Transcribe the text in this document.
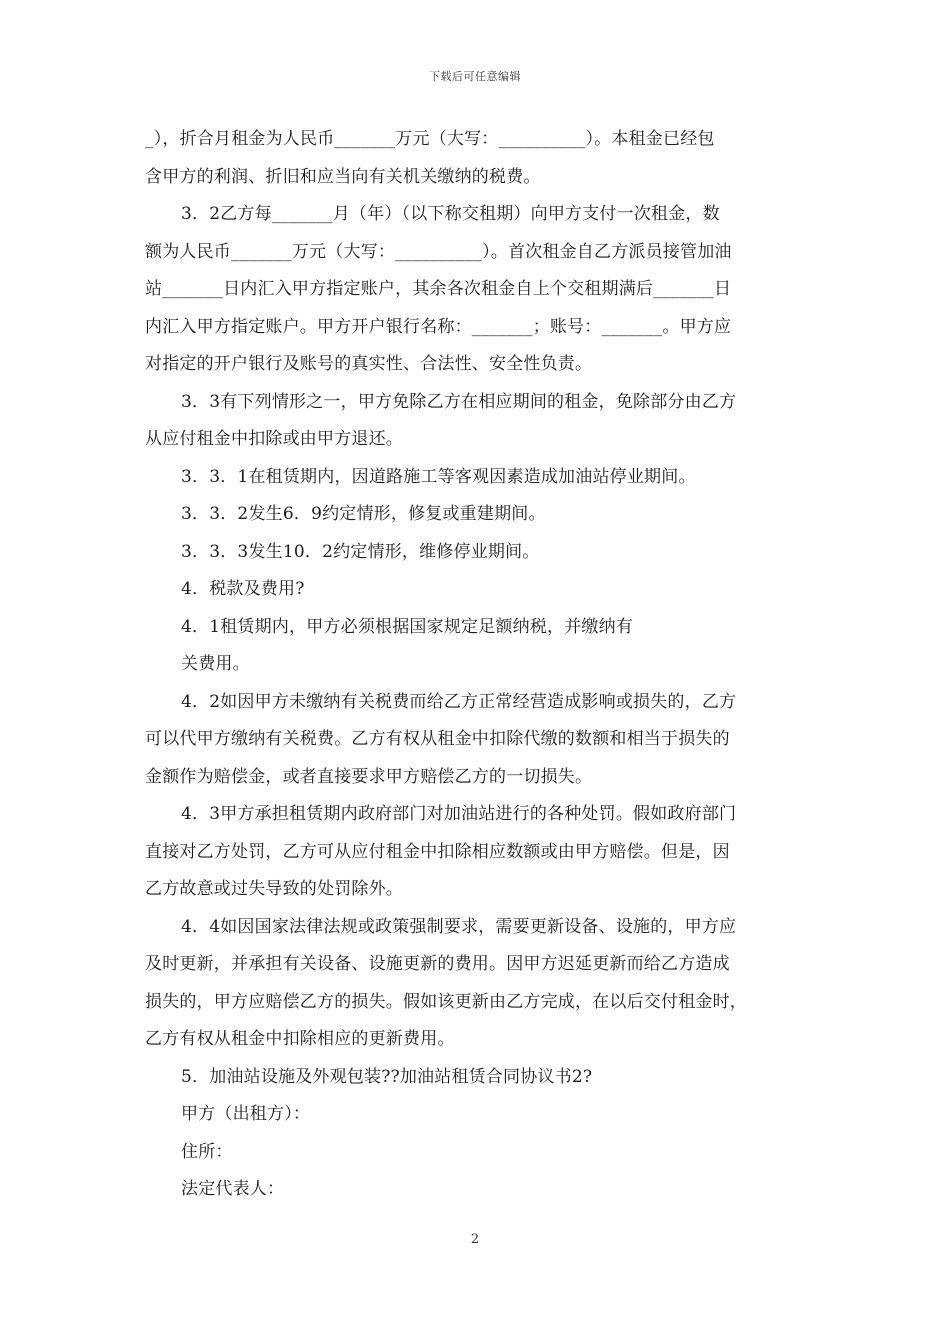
下载后可任意编辑

_），折合月租金为人民币_______万元（大写：__________）。本租金已经包

含甲方的利润、折旧和应当向有关机关缴纳的税费。

3．2乙方每_______月（年）（以下称交租期）向甲方支付一次租金，数

额为人民币_______万元（大写：__________）。首次租金自乙方派员接管加油

站_______日内汇入甲方指定账户，其余各次租金自上个交租期满后_______日

内汇入甲方指定账户。甲方开户银行名称：_______；账号：_______。甲方应

对指定的开户银行及账号的真实性、合法性、安全性负责。

3．3有下列情形之一，甲方免除乙方在相应期间的租金，免除部分由乙方

从应付租金中扣除或由甲方退还。

3．3．1在租赁期内，因道路施工等客观因素造成加油站停业期间。

3．3．2发生6．9约定情形，修复或重建期间。

3．3．3发生10．2约定情形，维修停业期间。

4．税款及费用?

4．1租赁期内，甲方必须根据国家规定足额纳税，并缴纳有

关费用。

4．2如因甲方未缴纳有关税费而给乙方正常经营造成影响或损失的，乙方

可以代甲方缴纳有关税费。乙方有权从租金中扣除代缴的数额和相当于损失的

金额作为赔偿金，或者直接要求甲方赔偿乙方的一切损失。

4．3甲方承担租赁期内政府部门对加油站进行的各种处罚。假如政府部门

直接对乙方处罚，乙方可从应付租金中扣除相应数额或由甲方赔偿。但是，因

乙方故意或过失导致的处罚除外。

4．4如因国家法律法规或政策强制要求，需要更新设备、设施的，甲方应

及时更新，并承担有关设备、设施更新的费用。因甲方迟延更新而给乙方造成

损失的，甲方应赔偿乙方的损失。假如该更新由乙方完成，在以后交付租金时，

乙方有权从租金中扣除相应的更新费用。

5．加油站设施及外观包装??加油站租赁合同协议书2?

甲方（出租方）：

住所：

法定代表人：

2
